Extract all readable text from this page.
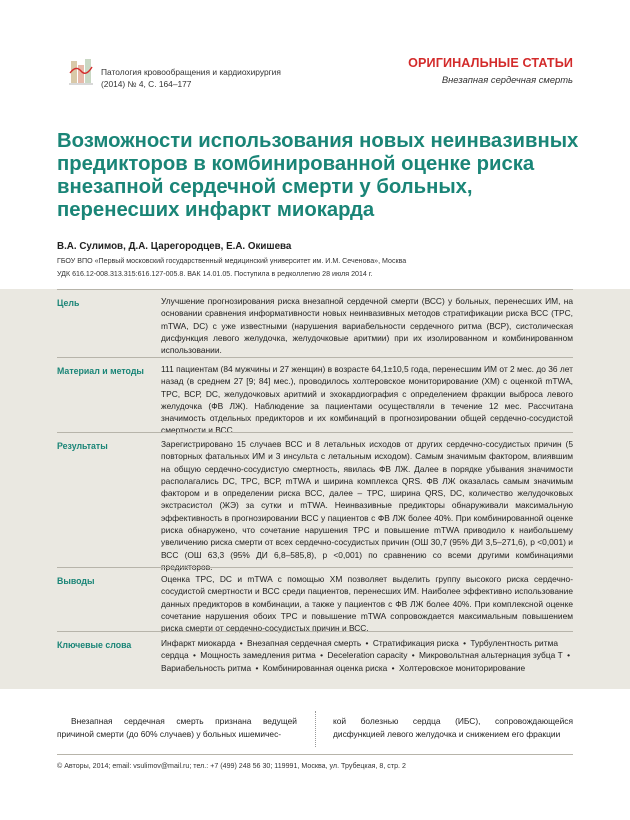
Патология кровообращения и кардиохирургия
(2014) № 4, С. 164–177
ОРИГИНАЛЬНЫЕ СТАТЬИ
Внезапная сердечная смерть
Возможности использования новых неинвазивных предикторов в комбинированной оценке риска внезапной сердечной смерти у больных, перенесших инфаркт миокарда
В.А. Сулимов, Д.А. Царегородцев, Е.А. Окишева
ГБОУ ВПО «Первый московский государственный медицинский университет им. И.М. Сеченова», Москва
УДК 616.12-008.313.315:616.127-005.8. ВАК 14.01.05. Поступила в редколлегию 28 июля 2014 г.
Цель	Улучшение прогнозирования риска внезапной сердечной смерти (ВСС) у больных, перенесших ИМ, на основании сравнения информативности новых неинвазивных методов стратификации риска ВСС (TPC, mTWA, DC) с уже известными (нарушения вариабельности сердечного ритма (ВСР), систолическая дисфункция левого желудочка, желудочковые аритмии) при их изолированном и комбинированном использовании.

Материал и методы	111 пациентам (84 мужчины и 27 женщин) в возрасте 64,1±10,5 года, перенесшим ИМ от 2 мес. до 36 лет назад (в среднем 27 [9; 84] мес.), проводилось холтеровское мониторирование (ХМ) с оценкой mTWA, TPC, ВСР, DC, желудочковых аритмий и эхокардиография с определением фракции выброса левого желудочка (ФВ ЛЖ). Наблюдение за пациентами осуществляли в течение 12 мес. Рассчитана значимость отдельных предикторов и их комбинаций в прогнозировании общей сердечно-сосудистой смертности и ВСС.

Результаты	Зарегистрировано 15 случаев ВСС и 8 летальных исходов от других сердечно-сосудистых причин (5 повторных фатальных ИМ и 3 инсульта с летальным исходом). Самым значимым фактором, влиявшим на общую сердечно-сосудистую смертность, явилась ФВ ЛЖ. Далее в порядке убывания значимости располагались DC, TPC, ВСР, mTWA и ширина комплекса QRS. ФВ ЛЖ оказалась самым значимым фактором и в определении риска ВСС, далее – TPC, ширина QRS, DC, количество желудочковых экстрасистол (ЖЭ) за сутки и mTWA. Неинвазивные предикторы обнаруживали максимальную эффективность в прогнозировании ВСС у пациентов с ФВ ЛЖ более 40%. При комбинированной оценке риска обнаружено, что сочетание нарушения TPC и повышение mTWA приводило к наибольшему увеличению риска смерти от всех сердечно-сосудистых причин (ОШ 30,7 (95% ДИ 3,5–271,6), р <0,001) и ВСС (ОШ 63,3 (95% ДИ 6,8–585,8), р <0,001) по сравнению со всеми другими комбинациями предикторов.

Выводы	Оценка TPC, DC и mTWA с помощью ХМ позволяет выделить группу высокого риска сердечно-сосудистой смертности и ВСС среди пациентов, перенесших ИМ. Наиболее эффективно использование данных предикторов в комбинации, а также у пациентов с ФВ ЛЖ более 40%. При комплексной оценке сочетание нарушения обоих TPC и повышение mTWA сопровождается максимальным повышением риска смерти от сердечно-сосудистых причин и ВСС.

Ключевые слова	Инфаркт миокарда • Внезапная сердечная смерть • Стратификация риска • Турбулентность ритма сердца • Мощность замедления ритма • Deceleration capacity • Микровольтная альтернация зубца Т • Вариабельность ритма • Комбинированная оценка риска • Холтеровское мониторирование

Внезапная сердечная смерть признана ведущей причиной смерти (до 60% случаев) у больных ишемичес-

кой болезнью сердца (ИБС), сопровождающейся дисфункцией левого желудочка и снижением его фракции

© Авторы, 2014; email: vsulimov@mail.ru; тел.: +7 (499) 248 56 30; 119991, Москва, ул. Трубецкая, 8, стр. 2
